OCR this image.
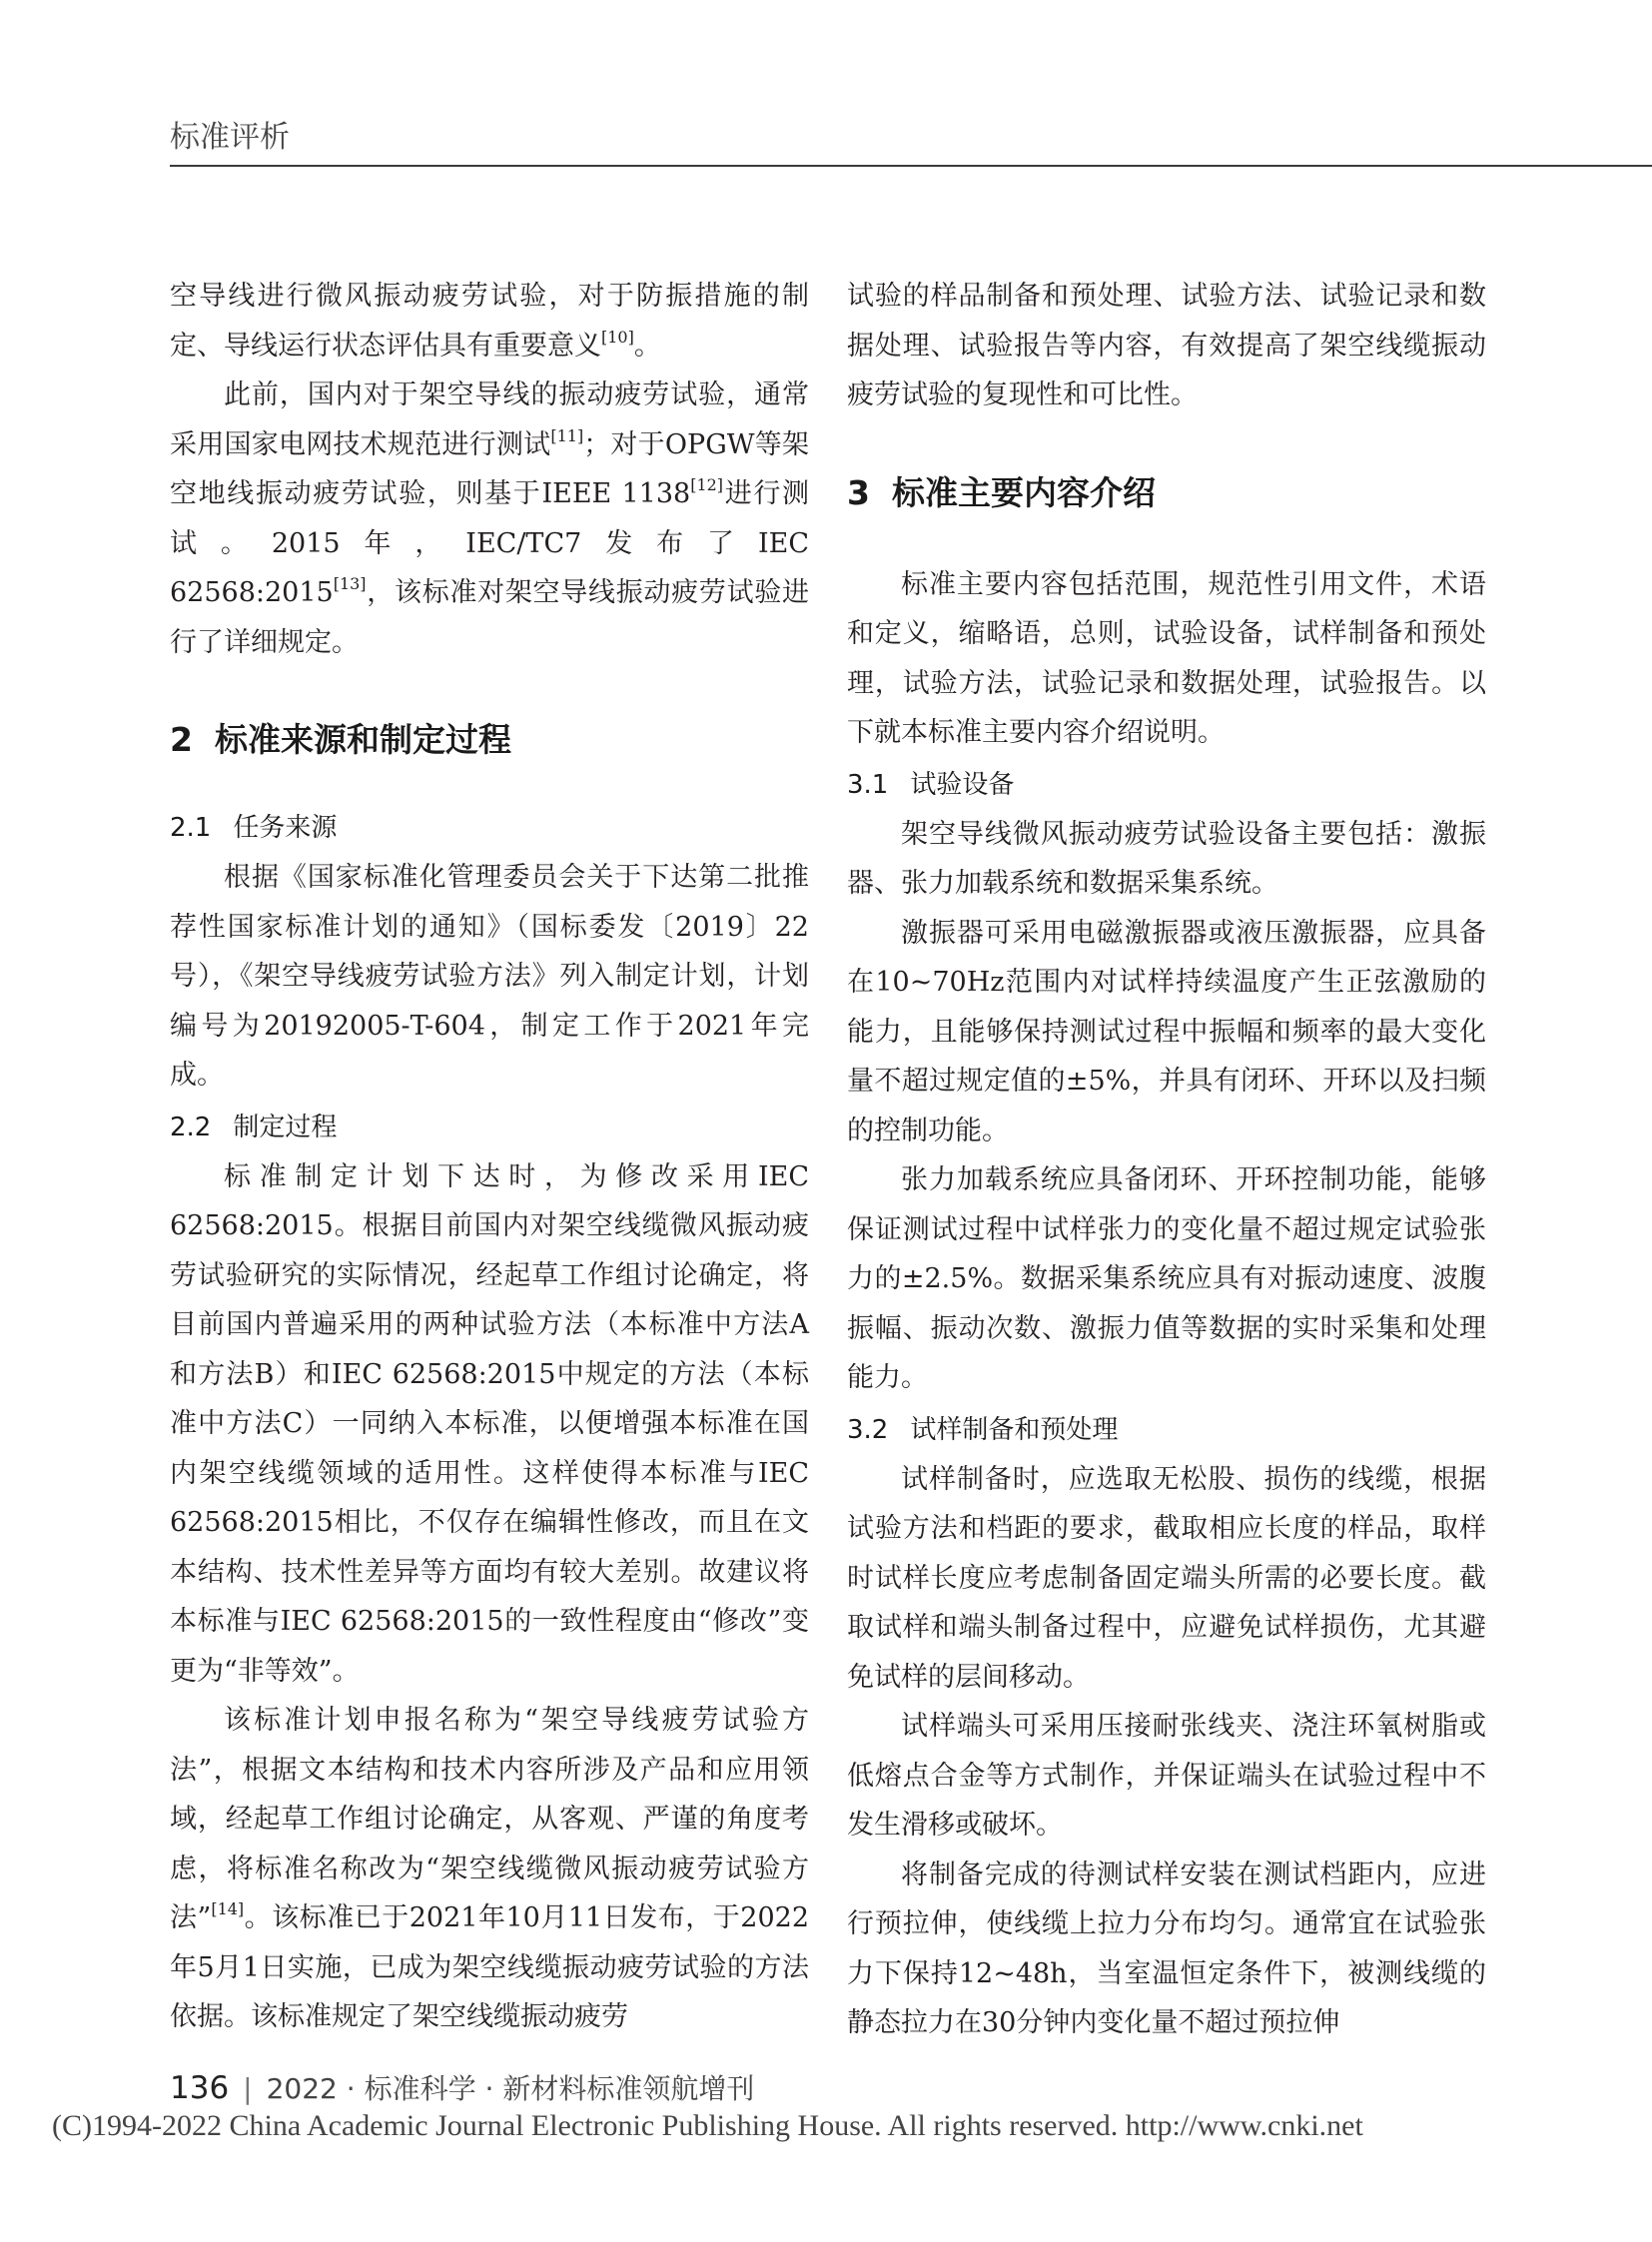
标准评析

空导线进行微风振动疲劳试验，对于防振措施的制定、导线运行状态评估具有重要意义[10]。

此前，国内对于架空导线的振动疲劳试验，通常采用国家电网技术规范进行测试[11]；对于OPGW等架空地线振动疲劳试验，则基于IEEE 1138[12]进行测试。2015年，IEC/TC7发布了IEC 62568:2015[13]，该标准对架空导线振动疲劳试验进行了详细规定。

2 标准来源和制定过程
2.1 任务来源

根据《国家标准化管理委员会关于下达第二批推荐性国家标准计划的通知》（国标委发〔2019〕22号），《架空导线疲劳试验方法》列入制定计划，计划编号为20192005-T-604，制定工作于2021年完成。

2.2 制定过程

标准制定计划下达时，为修改采用IEC 62568:2015。根据目前国内对架空线缆微风振动疲劳试验研究的实际情况，经起草工作组讨论确定，将目前国内普遍采用的两种试验方法（本标准中方法A和方法B）和IEC 62568:2015中规定的方法（本标准中方法C）一同纳入本标准，以便增强本标准在国内架空线缆领域的适用性。这样使得本标准与IEC 62568:2015相比，不仅存在编辑性修改，而且在文本结构、技术性差异等方面均有较大差别。故建议将本标准与IEC 62568:2015的一致性程度由“修改”变更为“非等效”。

该标准计划申报名称为“架空导线疲劳试验方法”，根据文本结构和技术内容所涉及产品和应用领域，经起草工作组讨论确定，从客观、严谨的角度考虑，将标准名称改为“架空线缆微风振动疲劳试验方法”[14]。该标准已于2021年10月11日发布，于2022年5月1日实施，已成为架空线缆振动疲劳试验的方法依据。该标准规定了架空线缆振动疲劳

试验的样品制备和预处理、试验方法、试验记录和数据处理、试验报告等内容，有效提高了架空线缆振动疲劳试验的复现性和可比性。

3 标准主要内容介绍

标准主要内容包括范围，规范性引用文件，术语和定义，缩略语，总则，试验设备，试样制备和预处理，试验方法，试验记录和数据处理，试验报告。以下就本标准主要内容介绍说明。

3.1 试验设备

架空导线微风振动疲劳试验设备主要包括：激振器、张力加载系统和数据采集系统。

激振器可采用电磁激振器或液压激振器，应具备在10~70Hz范围内对试样持续温度产生正弦激励的能力，且能够保持测试过程中振幅和频率的最大变化量不超过规定值的±5%，并具有闭环、开环以及扫频的控制功能。

张力加载系统应具备闭环、开环控制功能，能够保证测试过程中试样张力的变化量不超过规定试验张力的±2.5%。数据采集系统应具有对振动速度、波腹振幅、振动次数、激振力值等数据的实时采集和处理能力。

3.2 试样制备和预处理

试样制备时，应选取无松股、损伤的线缆，根据试验方法和档距的要求，截取相应长度的样品，取样时试样长度应考虑制备固定端头所需的必要长度。截取试样和端头制备过程中，应避免试样损伤，尤其避免试样的层间移动。

试样端头可采用压接耐张线夹、浇注环氧树脂或低熔点合金等方式制作，并保证端头在试验过程中不发生滑移或破坏。

将制备完成的待测试样安装在测试档距内，应进行预拉伸，使线缆上拉力分布均匀。通常宜在试验张力下保持12~48h，当室温恒定条件下，被测线缆的静态拉力在30分钟内变化量不超过预拉伸

136 | 2022 · 标准科学 · 新材料标准领航增刊
(C)1994-2022 China Academic Journal Electronic Publishing House. All rights reserved. http://www.cnki.net
